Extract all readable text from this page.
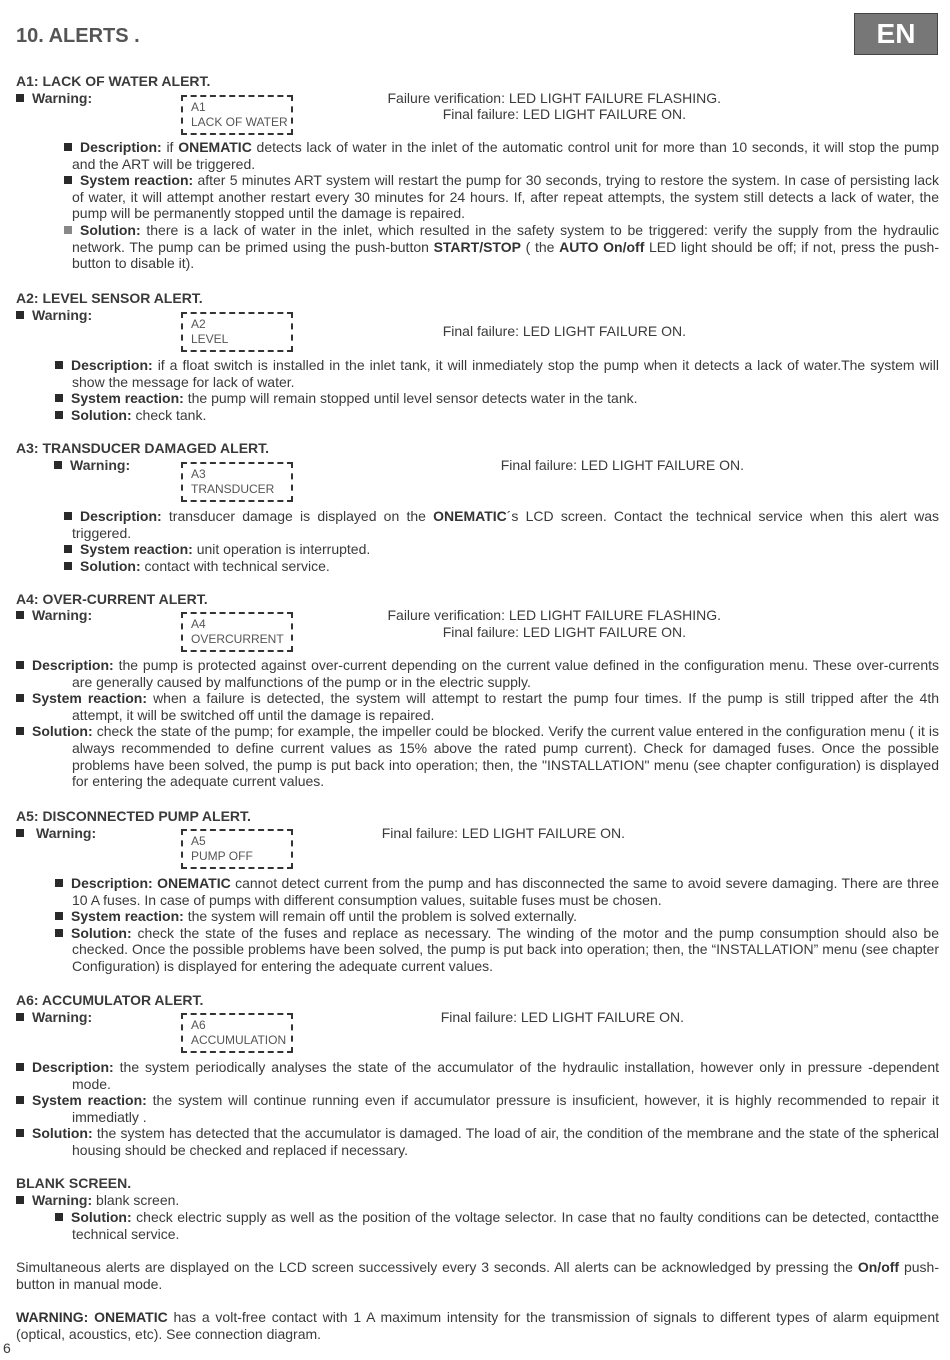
10. ALERTS .	EN
A1: LACK OF WATER ALERT.
Warning:
A1
LACK OF WATER
Failure verification: LED LIGHT FAILURE FLASHING.
Final failure: LED LIGHT FAILURE ON.
Description: if ONEMATIC detects lack of water in the inlet of the automatic control unit for more than 10 seconds, it will stop the pump and the ART will be triggered.
System reaction: after 5 minutes ART system will restart the pump for 30 seconds, trying to restore the system. In case of persisting lack of water, it will attempt another restart every 30 minutes for 24 hours. If, after repeat attempts, the system still detects a lack of water, the pump will be permanently stopped until the damage is repaired.
Solution: there is a lack of water in the inlet, which resulted in the safety system to be triggered: verify the supply from the hydraulic network. The pump can be primed using the push-button START/STOP ( the AUTO On/off LED light should be off; if not, press the push-button to disable it).
A2: LEVEL SENSOR ALERT.
Warning:
A2
LEVEL	Final failure: LED LIGHT FAILURE ON.
Description: if a float switch is installed in the inlet tank, it will inmediately stop the pump when it detects a lack of water.The system will show the message for lack of water.
System reaction: the pump will remain stopped until level sensor detects water in the tank.
Solution: check tank.
A3: TRANSDUCER DAMAGED ALERT.
Warning:
A3
TRANSDUCER
Final failure: LED LIGHT FAILURE ON.
Description: transducer damage is displayed on the ONEMATIC´s LCD screen. Contact the technical service when this alert was triggered.
System reaction: unit operation is interrupted.
Solution: contact with technical service.
A4: OVER-CURRENT ALERT.
Warning:
A4
OVERCURRENT
Failure verification: LED LIGHT FAILURE FLASHING.
Final failure: LED LIGHT FAILURE ON.
Description: the pump is protected against over-current depending on the current value defined in the configuration menu. These over-currents are generally caused by malfunctions of the pump or in the electric supply.
System reaction: when a failure is detected, the system will attempt to restart the pump four times. If the pump is still tripped after the 4th attempt, it will be switched off until the damage is repaired.
Solution: check the state of the pump; for example, the impeller could be blocked. Verify the current value entered in the configuration menu ( it is always recommended to define current values as 15% above the rated pump current). Check for damaged fuses. Once the possible problems have been solved, the pump is put back into operation; then, the "INSTALLATION" menu (see chapter configuration) is displayed for entering the adequate current values.
A5: DISCONNECTED PUMP ALERT.
Warning:	A5
PUMP OFF
Final failure: LED LIGHT FAILURE ON.
Description: ONEMATIC cannot detect current from the pump and has disconnected the same to avoid severe damaging. There are three 10 A fuses. In case of pumps with different consumption values, suitable fuses must be chosen.
System reaction: the system will remain off until the problem is solved externally.
Solution: check the state of the fuses and replace as necessary. The winding of the motor and the pump consumption should also be checked. Once the possible problems have been solved, the pump is put back into operation; then, the “INSTALLATION” menu (see chapter Configuration) is displayed for entering the adequate current values.
A6: ACCUMULATOR ALERT.
Warning:	A6
ACCUMULATION
Final failure: LED LIGHT FAILURE ON.
Description: the system periodically analyses the state of the accumulator of the hydraulic installation, however only in pressure -dependent mode.
System reaction: the system will continue running even if accumulator pressure is insuficient, however, it is highly recommended to repair it immediatly .
Solution: the system has detected that the accumulator is damaged. The load of air, the condition of the membrane and the state of the spherical housing should be checked and replaced if necessary.
BLANK SCREEN.
Warning: blank screen.
Solution: check electric supply as well as the position of the voltage selector. In case that no faulty conditions can be detected, contactthe technical service.
Simultaneous alerts are displayed on the LCD screen successively every 3 seconds. All alerts can be acknowledged by pressing the On/off push-button in manual mode.
WARNING: ONEMATIC has a volt-free contact with 1 A maximum intensity for the transmission of signals to different types of alarm equipment (optical, acoustics, etc). See connection diagram.
6
